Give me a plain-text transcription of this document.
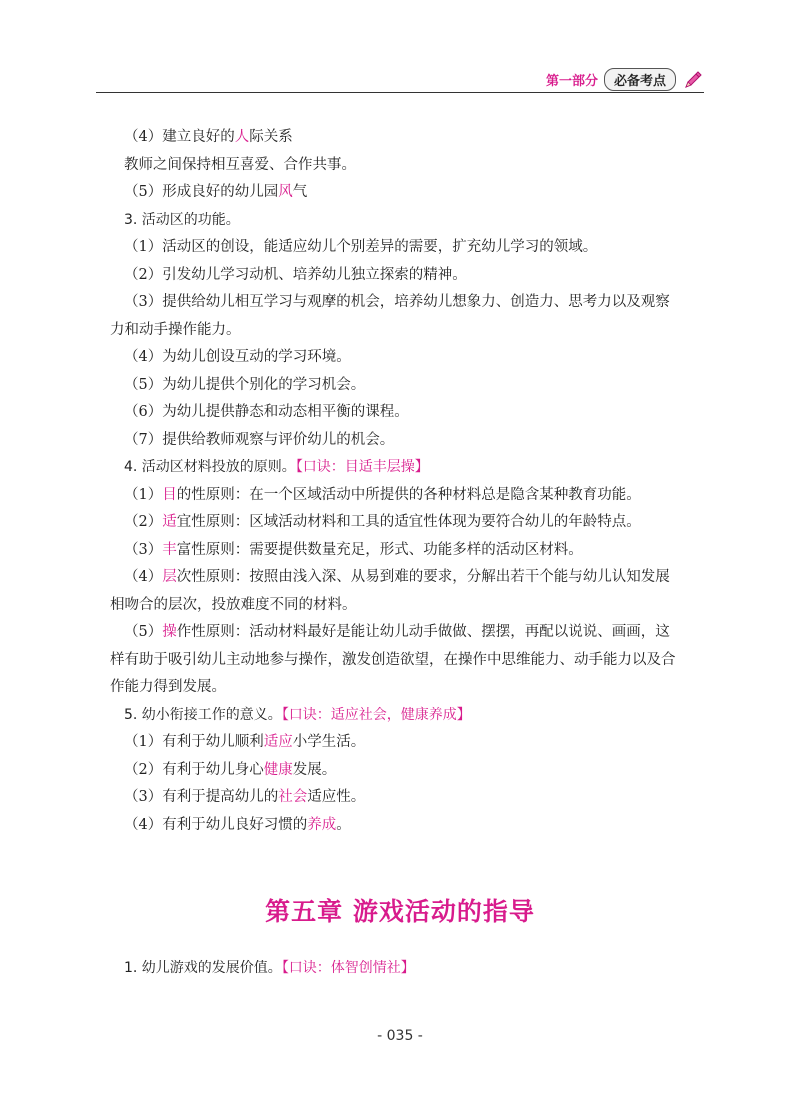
第一部分	必备考点

（4）建立良好的人际关系

教师之间保持相互喜爱、合作共事。

（5）形成良好的幼儿园风气

3. 活动区的功能。

（1）活动区的创设，能适应幼儿个别差异的需要，扩充幼儿学习的领域。

（2）引发幼儿学习动机、培养幼儿独立探索的精神。

（3）提供给幼儿相互学习与观摩的机会，培养幼儿想象力、创造力、思考力以及观察

力和动手操作能力。

（4）为幼儿创设互动的学习环境。

（5）为幼儿提供个别化的学习机会。

（6）为幼儿提供静态和动态相平衡的课程。

（7）提供给教师观察与评价幼儿的机会。

4. 活动区材料投放的原则。【口诀：目适丰层操】

（1）目的性原则：在一个区域活动中所提供的各种材料总是隐含某种教育功能。

（2）适宜性原则：区域活动材料和工具的适宜性体现为要符合幼儿的年龄特点。

（3）丰富性原则：需要提供数量充足，形式、功能多样的活动区材料。

（4）层次性原则：按照由浅入深、从易到难的要求，分解出若干个能与幼儿认知发展

相吻合的层次，投放难度不同的材料。

（5）操作性原则：活动材料最好是能让幼儿动手做做、摆摆，再配以说说、画画，这

样有助于吸引幼儿主动地参与操作，激发创造欲望，在操作中思维能力、动手能力以及合

作能力得到发展。

5. 幼小衔接工作的意义。【口诀：适应社会，健康养成】

（1）有利于幼儿顺利适应小学生活。

（2）有利于幼儿身心健康发展。

（3）有利于提高幼儿的社会适应性。

（4）有利于幼儿良好习惯的养成。

第五章 游戏活动的指导
1. 幼儿游戏的发展价值。【口诀：体智创情社】
- 035 -
